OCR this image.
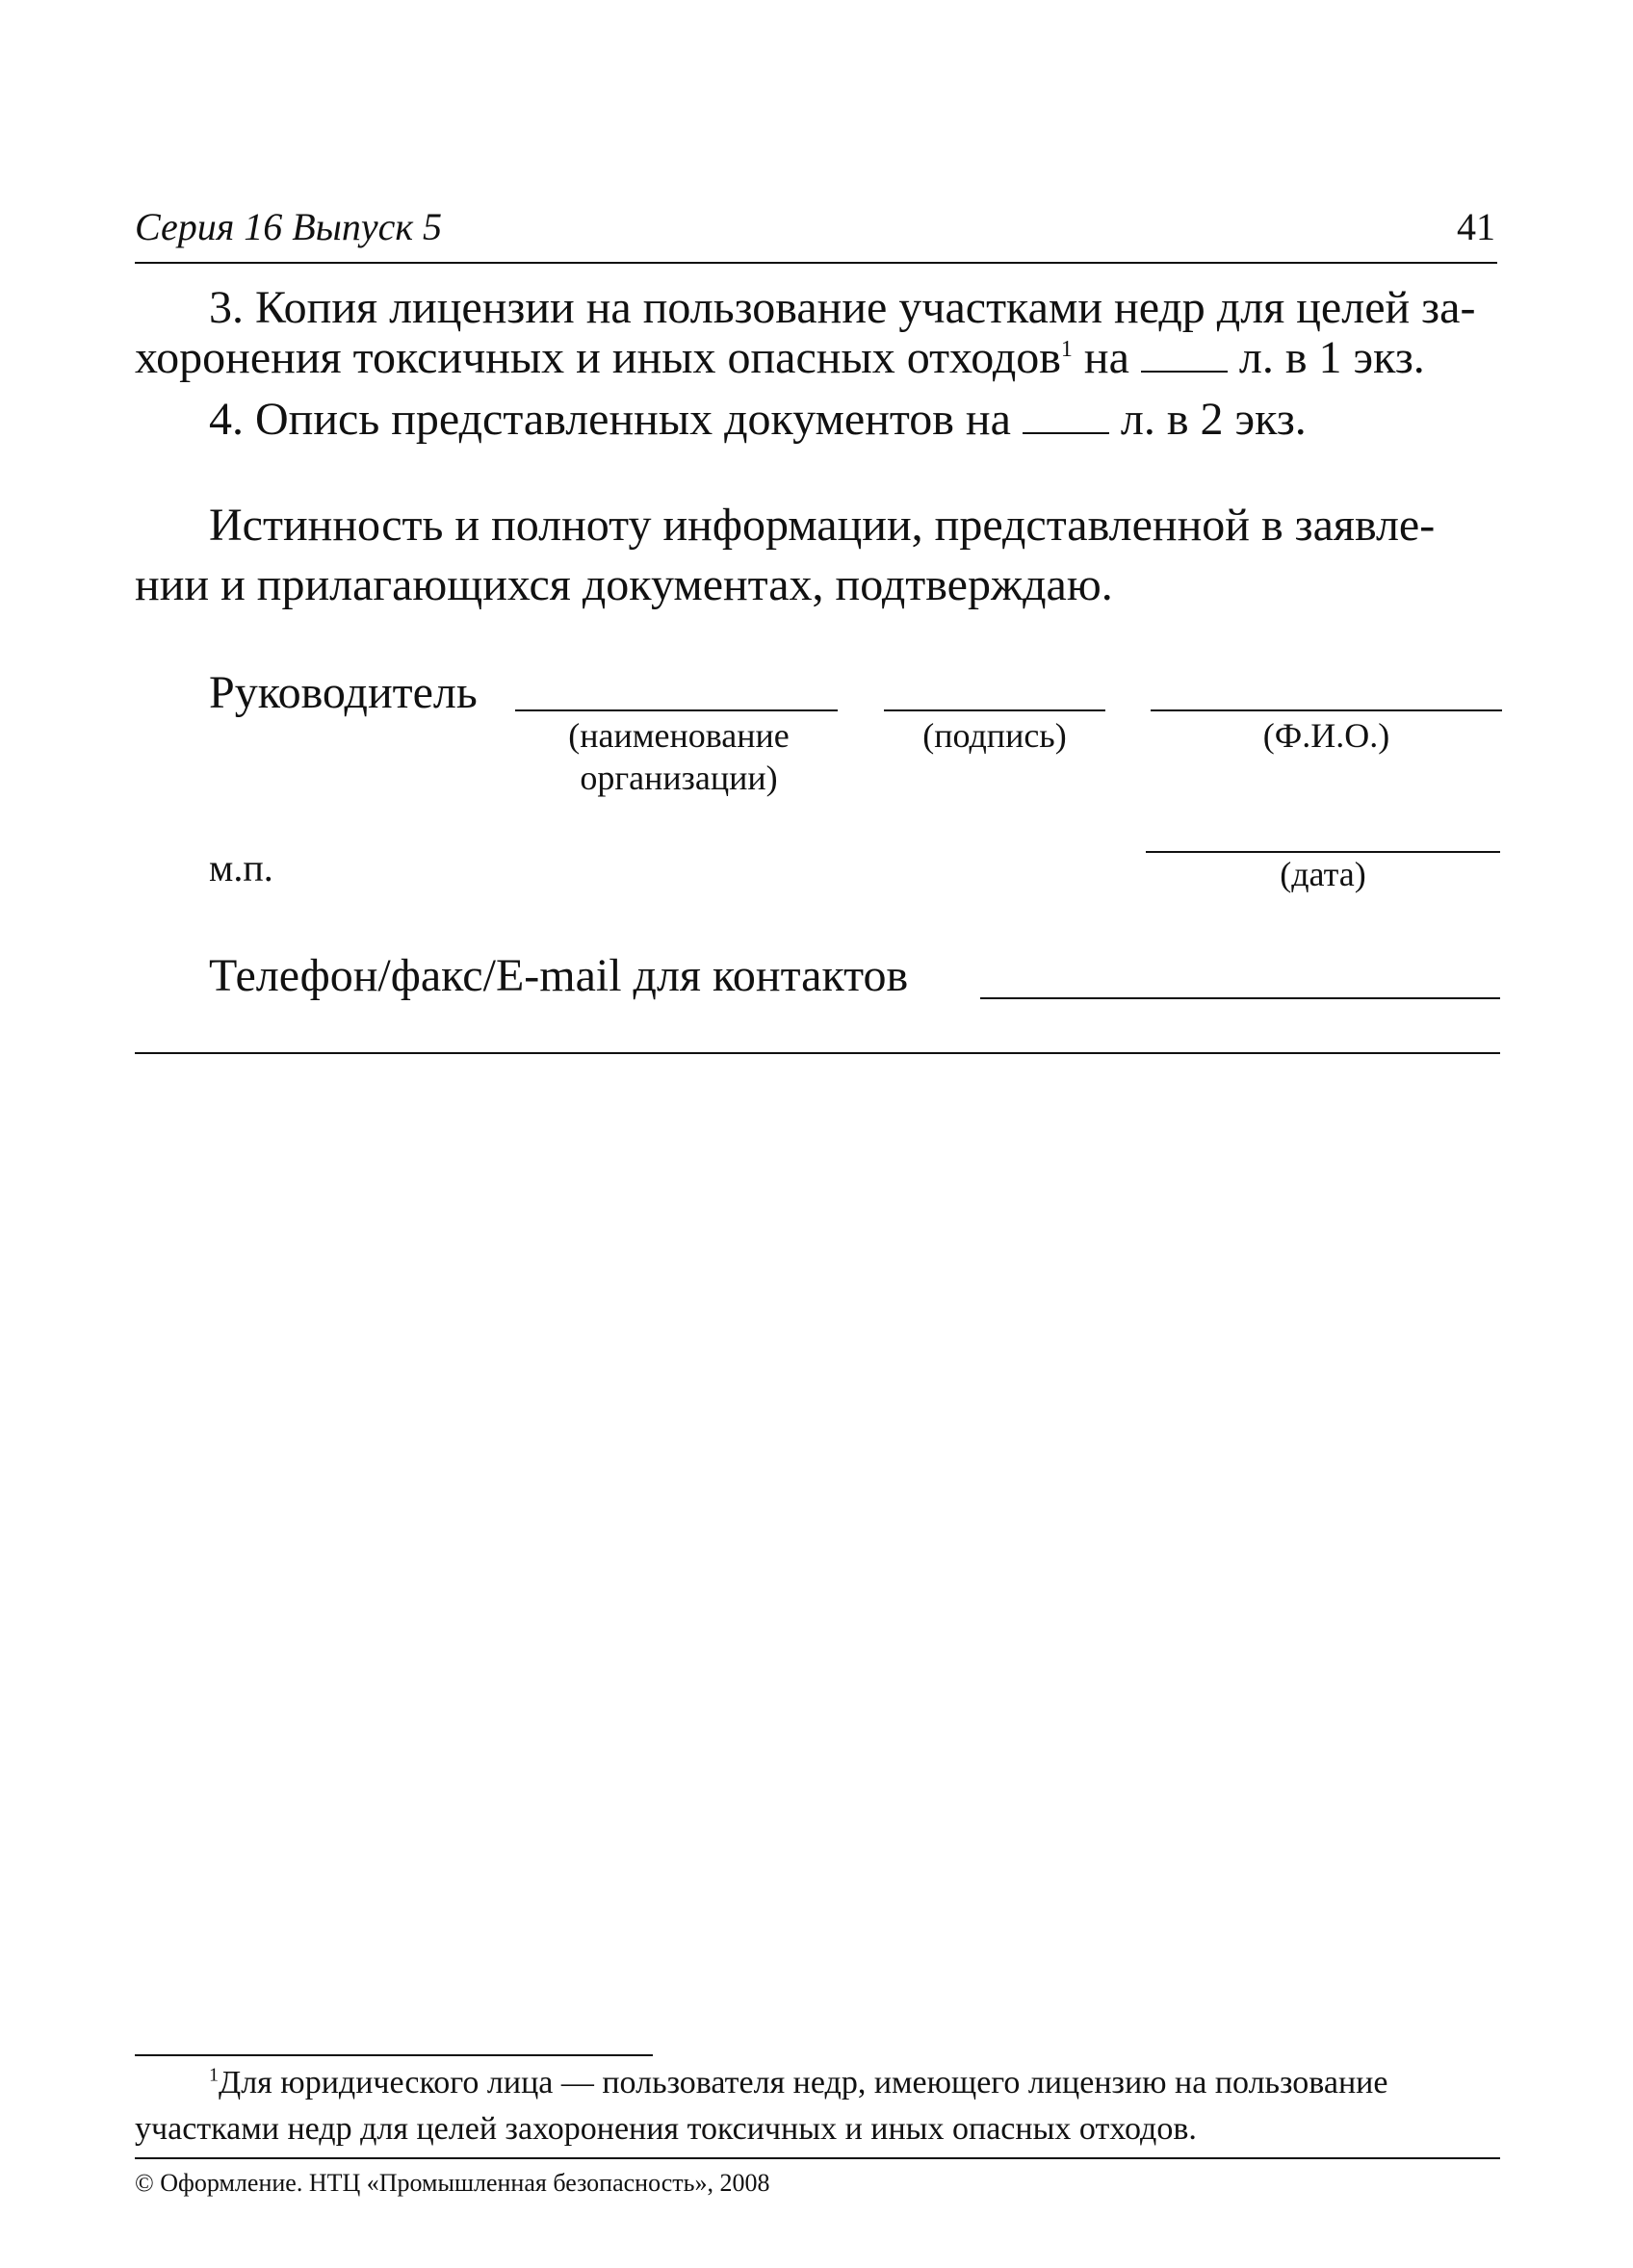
Серия 16 Выпуск 5	41
3. Копия лицензии на пользование участками недр для целей за-
хоронения токсичных и иных опасных отходов$^1$ на  л. в 1 экз.
4. Опись представленных документов на  л. в 2 экз.
Истинность и полноту информации, представленной в заявле-
нии и прилагающихся документах, подтверждаю.
Руководитель
(наименование организации)
(подпись)	(Ф.И.О.)
м.п.	(дата)
Телефон/факс/E-mail для контактов
$^1$Для юридического лица — пользователя недр, имеющего лицензию на пользование
участками недр для целей захоронения токсичных и иных опасных отходов.
© Оформление. НТЦ «Промышленная безопасность», 2008
